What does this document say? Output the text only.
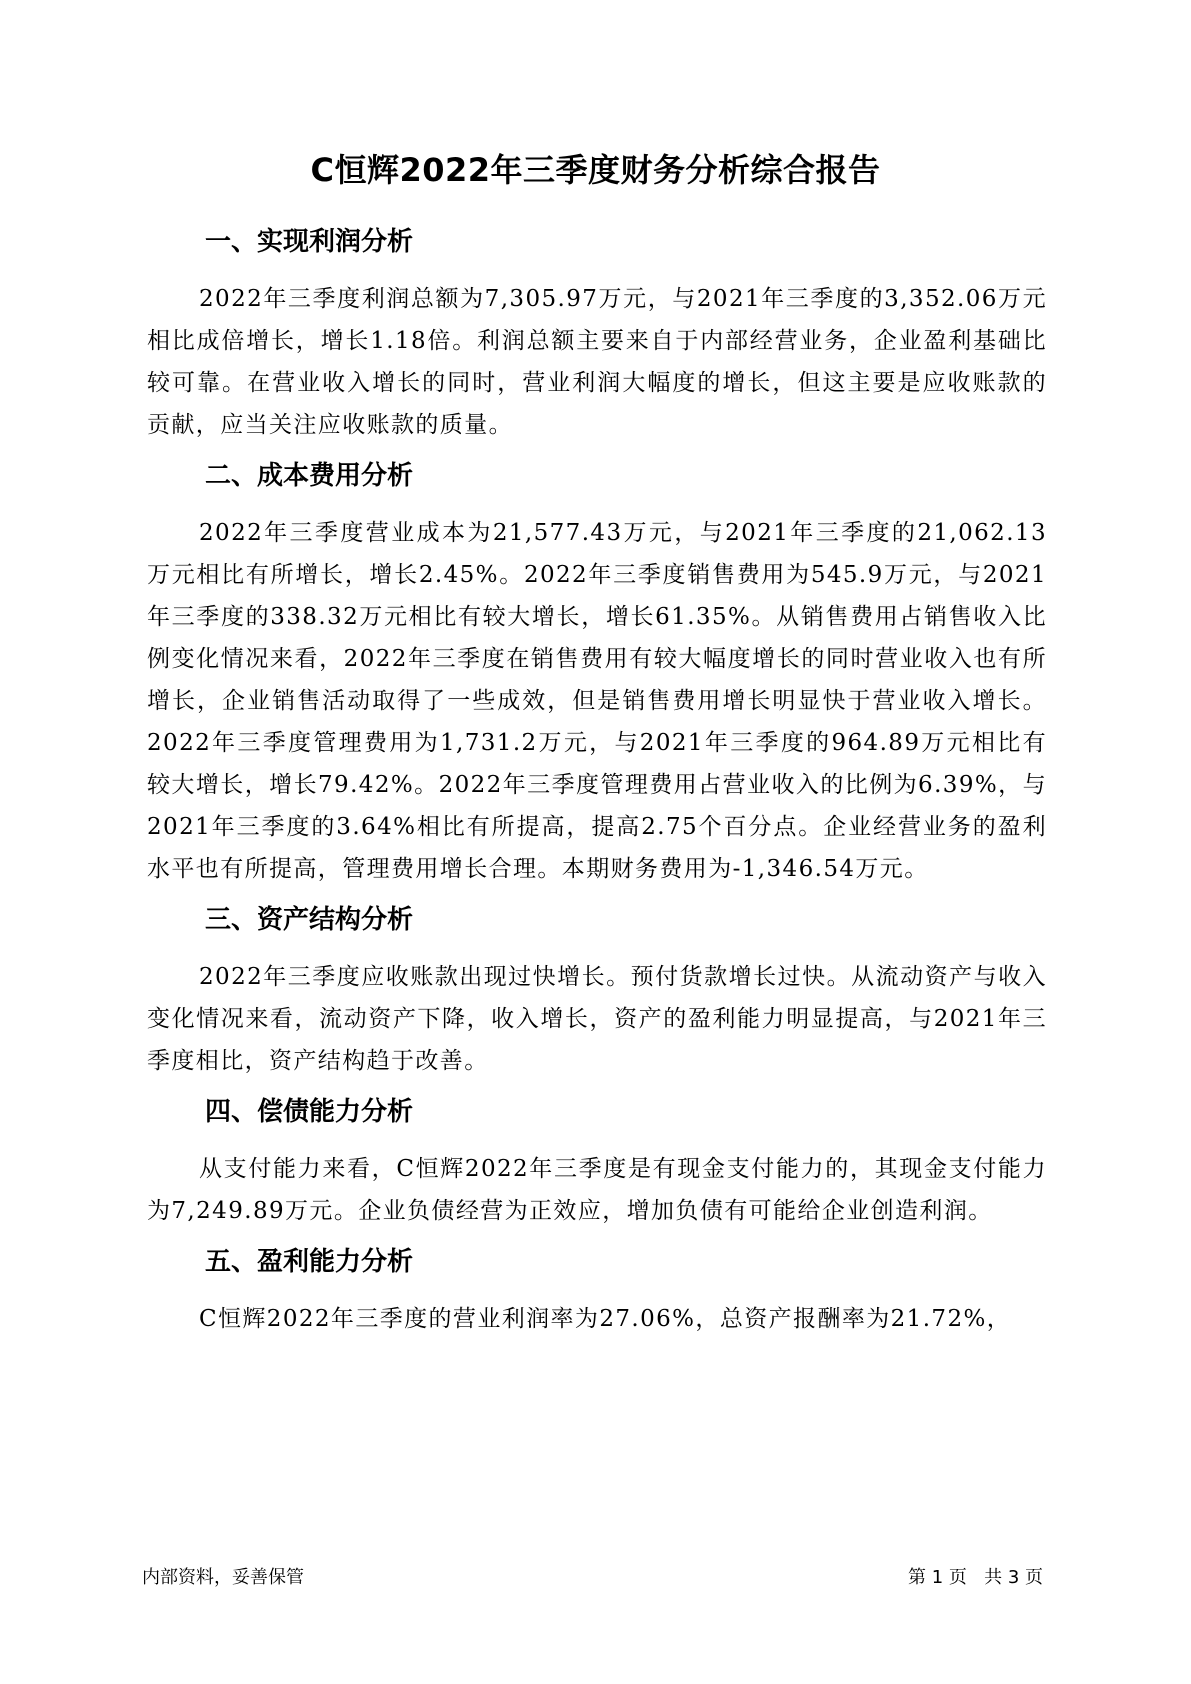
C恒辉2022年三季度财务分析综合报告
一、实现利润分析

2022年三季度利润总额为7,305.97万元，与2021年三季度的3,352.06万元相比成倍增长，增长1.18倍。利润总额主要来自于内部经营业务，企业盈利基础比较可靠。在营业收入增长的同时，营业利润大幅度的增长，但这主要是应收账款的贡献，应当关注应收账款的质量。

二、成本费用分析

2022年三季度营业成本为21,577.43万元，与2021年三季度的21,062.13万元相比有所增长，增长2.45%。2022年三季度销售费用为545.9万元，与2021年三季度的338.32万元相比有较大增长，增长61.35%。从销售费用占销售收入比例变化情况来看，2022年三季度在销售费用有较大幅度增长的同时营业收入也有所增长，企业销售活动取得了一些成效，但是销售费用增长明显快于营业收入增长。2022年三季度管理费用为1,731.2万元，与2021年三季度的964.89万元相比有较大增长，增长79.42%。2022年三季度管理费用占营业收入的比例为6.39%，与2021年三季度的3.64%相比有所提高，提高2.75个百分点。企业经营业务的盈利水平也有所提高，管理费用增长合理。本期财务费用为-1,346.54万元。

三、资产结构分析

2022年三季度应收账款出现过快增长。预付货款增长过快。从流动资产与收入变化情况来看，流动资产下降，收入增长，资产的盈利能力明显提高，与2021年三季度相比，资产结构趋于改善。

四、偿债能力分析

从支付能力来看，C恒辉2022年三季度是有现金支付能力的，其现金支付能力为7,249.89万元。企业负债经营为正效应，增加负债有可能给企业创造利润。

五、盈利能力分析

C恒辉2022年三季度的营业利润率为27.06%，总资产报酬率为21.72%，

内部资料，妥善保管	第 1 页   共 3 页
